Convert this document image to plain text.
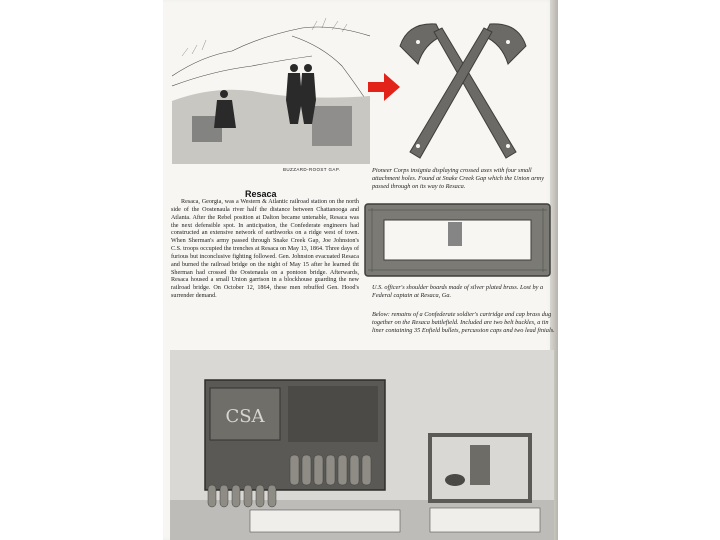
BUZZARD-ROOST GAP.	Pioneer Corps insignia displaying crossed axes with four small attachment holes. Found at Snake Creek Gap which the Union army passed through on its way to Resaca.
U.S. officer's shoulder boards made of silver plated brass. Lost by a Federal captain at Resaca, Ga.
Below: remains of a Confederate soldier's cartridge and cap brass dug together on the Resaca battlefield. Included are two belt buckles, a tin liner containing 35 Enfield bullets, percussion caps and two lead finials.
Resaca
Resaca, Georgia, was a Western & Atlantic railroad station on the north side of the Oostenaula river half the distance between Chattanooga and Atlanta. After the Rebel position at Dalton became untenable, Resaca was the next defensible spot. In anticipation, the Confederate engineers had constructed an extensive network of earthworks on a ridge west of town. When Sherman's army passed through Snake Creek Gap, Joe Johnston's C.S. troops occupied the trenches at Resaca on May 13, 1864. Three days of furious but inconclusive fighting followed. Gen. Johnston evacuated Resaca and burned the railroad bridge on the night of May 15 after he learned tht Sherman had crossed the Oostenaula on a pontoon bridge. Afterwards, Resaca housed a small Union garrison in a blockhouse guarding the new railroad bridge. On October 12, 1864, these men rebuffed Gen. Hood's surrender demand.
CSA
